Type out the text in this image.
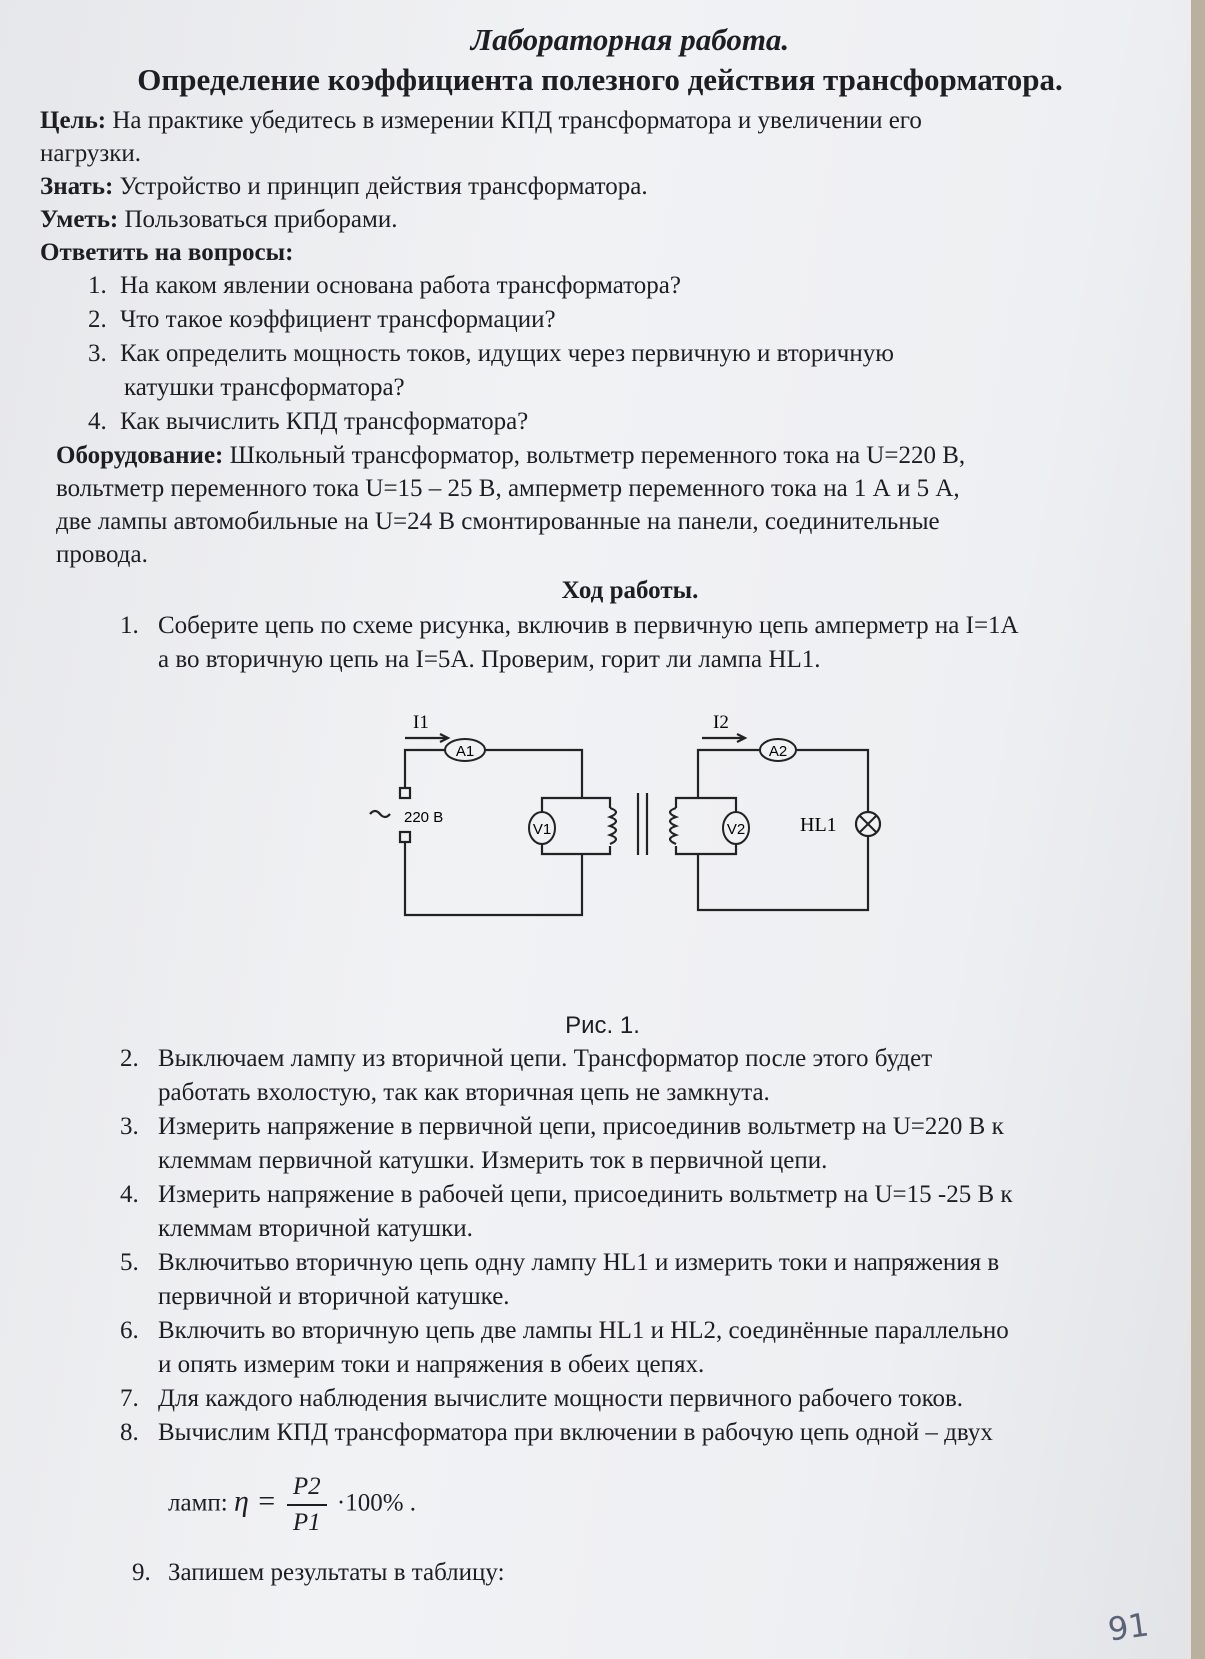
Лабораторная работа.

Определение коэффициента полезного действия трансформатора.

Цель: На практике убедитесь в измерении КПД трансформатора и увеличении его

нагрузки.

Знать: Устройство и принцип действия трансформатора.

Уметь: Пользоваться приборами.

Ответить на вопросы:

1. На каком явлении основана работа трансформатора?
2. Что такое коэффициент трансформации?
3. Как определить мощность токов, идущих через первичную и вторичную
катушки трансформатора?
4. Как вычислить КПД трансформатора?

Оборудование: Школьный трансформатор, вольтметр переменного тока на U=220 В,

вольтметр переменного тока U=15 – 25 В, амперметр переменного тока на 1 А и 5 А,

две лампы автомобильные на U=24 В смонтированные на панели, соединительные

провода.

Ход работы.

1. Соберите цепь по схеме рисунка, включив в первичную цепь амперметр на I=1А
а во вторичную цепь на I=5А. Проверим, горит ли лампа HL1.
A1	A2
V1	V2
I1	I2
220 В	HL1
Рис. 1.
2. Выключаем лампу из вторичной цепи. Трансформатор после этого будет
работать вхолостую, так как вторичная цепь не замкнута.
3. Измерить напряжение в первичной цепи, присоединив вольтметр на U=220 В к
клеммам первичной катушки. Измерить ток в первичной цепи.
4. Измерить напряжение в рабочей цепи, присоединить вольтметр на U=15 -25 В к
клеммам вторичной катушки.
5. Включитьво вторичную цепь одну лампу HL1 и измерить токи и напряжения в
первичной и вторичной катушке.
6. Включить во вторичную цепь две лампы HL1 и HL2, соединённые параллельно
и опять измерим токи и напряжения в обеих цепях.
7. Для каждого наблюдения вычислите мощности первичного рабочего токов.
8. Вычислим КПД трансформатора при включении в рабочую цепь одной – двух
ламп: $\eta = \frac{P2}{P1} \cdot 100\%$ .
9. Запишем результаты в таблицу:
91
